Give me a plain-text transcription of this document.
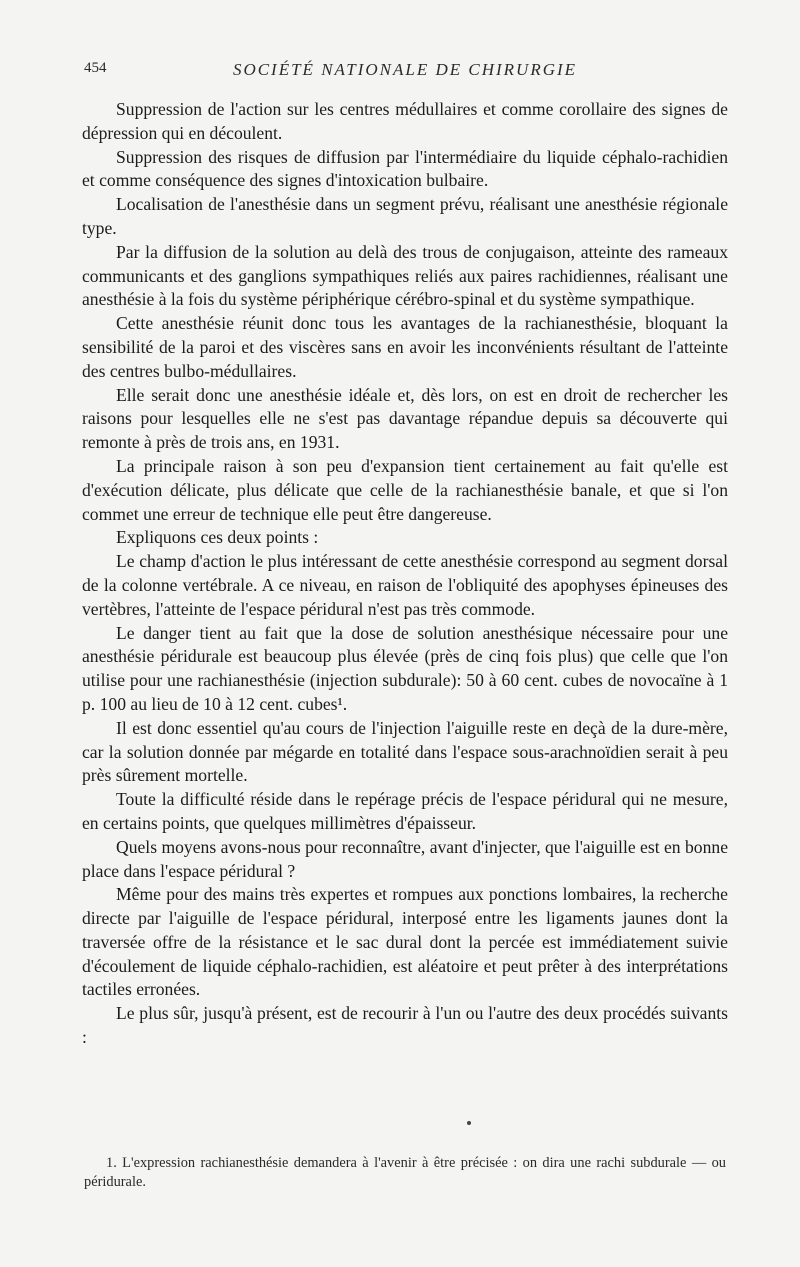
454	SOCIÉTÉ NATIONALE DE CHIRURGIE

Suppression de l'action sur les centres médullaires et comme corollaire des signes de dépression qui en découlent.

Suppression des risques de diffusion par l'intermédiaire du liquide céphalo-rachidien et comme conséquence des signes d'intoxication bulbaire.

Localisation de l'anesthésie dans un segment prévu, réalisant une anesthésie régionale type.

Par la diffusion de la solution au delà des trous de conjugaison, atteinte des rameaux communicants et des ganglions sympathiques reliés aux paires rachidiennes, réalisant une anesthésie à la fois du système périphérique cérébro-spinal et du système sympathique.

Cette anesthésie réunit donc tous les avantages de la rachianesthésie, bloquant la sensibilité de la paroi et des viscères sans en avoir les inconvénients résultant de l'atteinte des centres bulbo-médullaires.

Elle serait donc une anesthésie idéale et, dès lors, on est en droit de rechercher les raisons pour lesquelles elle ne s'est pas davantage répandue depuis sa découverte qui remonte à près de trois ans, en 1931.

La principale raison à son peu d'expansion tient certainement au fait qu'elle est d'exécution délicate, plus délicate que celle de la rachianesthésie banale, et que si l'on commet une erreur de technique elle peut être dangereuse.

Expliquons ces deux points :

Le champ d'action le plus intéressant de cette anesthésie correspond au segment dorsal de la colonne vertébrale. A ce niveau, en raison de l'obliquité des apophyses épineuses des vertèbres, l'atteinte de l'espace péridural n'est pas très commode.

Le danger tient au fait que la dose de solution anesthésique nécessaire pour une anesthésie péridurale est beaucoup plus élevée (près de cinq fois plus) que celle que l'on utilise pour une rachianesthésie (injection subdurale): 50 à 60 cent. cubes de novocaïne à 1 p. 100 au lieu de 10 à 12 cent. cubes¹.

Il est donc essentiel qu'au cours de l'injection l'aiguille reste en deçà de la dure-mère, car la solution donnée par mégarde en totalité dans l'espace sous-arachnoïdien serait à peu près sûrement mortelle.

Toute la difficulté réside dans le repérage précis de l'espace péridural qui ne mesure, en certains points, que quelques millimètres d'épaisseur.

Quels moyens avons-nous pour reconnaître, avant d'injecter, que l'aiguille est en bonne place dans l'espace péridural ?

Même pour des mains très expertes et rompues aux ponctions lombaires, la recherche directe par l'aiguille de l'espace péridural, interposé entre les ligaments jaunes dont la traversée offre de la résistance et le sac dural dont la percée est immédiatement suivie d'écoulement de liquide céphalo-rachidien, est aléatoire et peut prêter à des interprétations tactiles erronées.

Le plus sûr, jusqu'à présent, est de recourir à l'un ou l'autre des deux procédés suivants :

1. L'expression rachianesthésie demandera à l'avenir à être précisée : on dira une rachi subdurale — ou péridurale.
